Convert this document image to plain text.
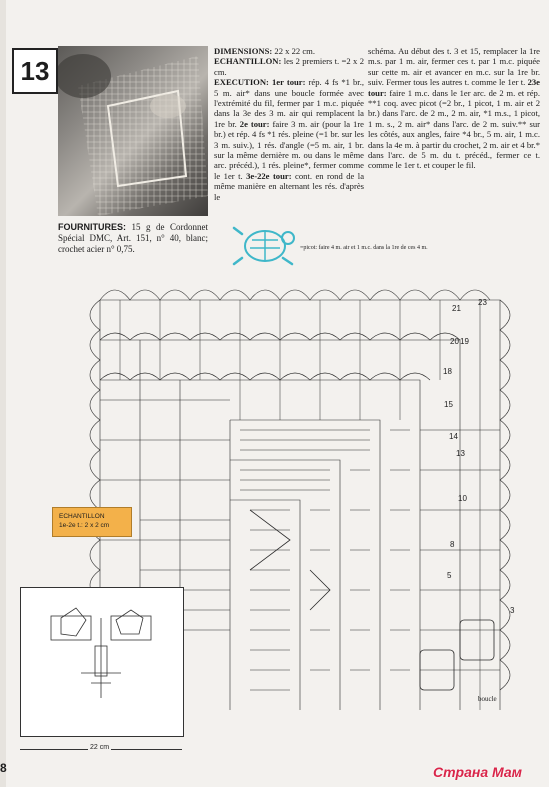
13
FOURNITURES: 15 g de Cordonnet Spécial DMC, Art. 151, n° 40, blanc; crochet acier n° 0,75.
DIMENSIONS: 22 x 22 cm.
ECHANTILLON: les 2 premiers t. =2 x 2 cm.
EXECUTION: 1er tour: rép. 4 fs *1 br., 5 m. air* dans une boucle formée avec l'extrémité du fil, fermer par 1 m.c. piquée dans la 3e des 3 m. air qui remplacent la 1re br. 2e tour: faire 3 m. air (pour la 1re br.) et rép. 4 fs *1 rés. pleine (=1 br. sur les 3 m. suiv.), 1 rés. d'angle (=5 m. air, 1 br. sur la même dernière m. ou dans le même arc. précéd.), 1 rés. pleine*, fermer comme le 1er t. 3e-22e tour: cont. en rond de la même manière en alternant les rés. d'après le
schéma. Au début des t. 3 et 15, remplacer la 1re m.s. par 1 m. air, fermer ces t. par 1 m.c. piquée sur cette m. air et avancer en m.c. sur la 1re br. suiv. Fermer tous les autres t. comme le 1er t. 23e tour: faire 1 m.c. dans le 1er arc. de 2 m. et rép. **1 coq. avec picot (=2 br., 1 picot, 1 m. air et 2 br.) dans l'arc. de 2 m., 2 m. air, *1 m.s., 1 picot, 1 m. s., 2 m. air* dans l'arc. de 2 m. suiv.** sur les côtés, aux angles, faire *4 br., 5 m. air, 1 m.c. dans la 4e m. à partir du crochet, 2 m. air et 4 br.* dans l'arc. de 5 m. du t. précéd., fermer ce t. comme le 1er t. et couper le fil.
=picot: faire 4 m. air et 1 m.c. dans la 1re de ces 4 m.
23
21
20 19
18
15
14
13
10
8
5
3
ECHANTILLON
1e-2e t.: 2 x 2 cm
22 cm
boucle
8	Страна Мам
